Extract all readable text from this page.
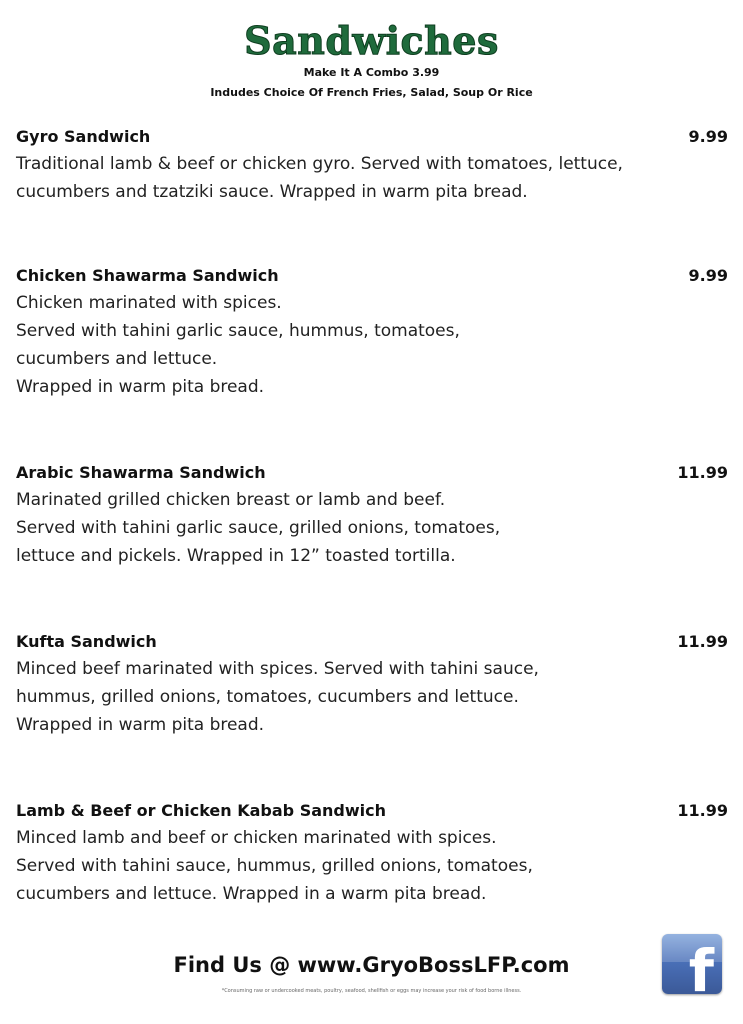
Sandwiches
Make It A Combo 3.99
Indudes Choice Of French Fries, Salad, Soup Or Rice
Gyro Sandwich	9.99
Traditional lamb & beef or chicken gyro. Served with tomatoes, lettuce,
cucumbers and tzatziki sauce. Wrapped in warm pita bread.
Chicken Shawarma Sandwich	9.99
Chicken marinated with spices.
Served with tahini garlic sauce, hummus, tomatoes,
cucumbers and lettuce.
Wrapped in warm pita bread.
Arabic Shawarma Sandwich	11.99
Marinated grilled chicken breast or lamb and beef.
Served with tahini garlic sauce, grilled onions, tomatoes,
lettuce and pickels. Wrapped in 12” toasted tortilla.
Kufta Sandwich	11.99
Minced beef marinated with spices. Served with tahini sauce,
hummus, grilled onions, tomatoes, cucumbers and lettuce.
Wrapped in warm pita bread.
Lamb & Beef or Chicken Kabab Sandwich	11.99
Minced lamb and beef or chicken marinated with spices.
Served with tahini sauce, hummus, grilled onions, tomatoes,
cucumbers and lettuce. Wrapped in a warm pita bread.
Find Us @ www.GryoBossLFP.com
*Consuming raw or undercooked meats, poultry, seafood, shellfish or eggs may increase your risk of food borne illness.	f
